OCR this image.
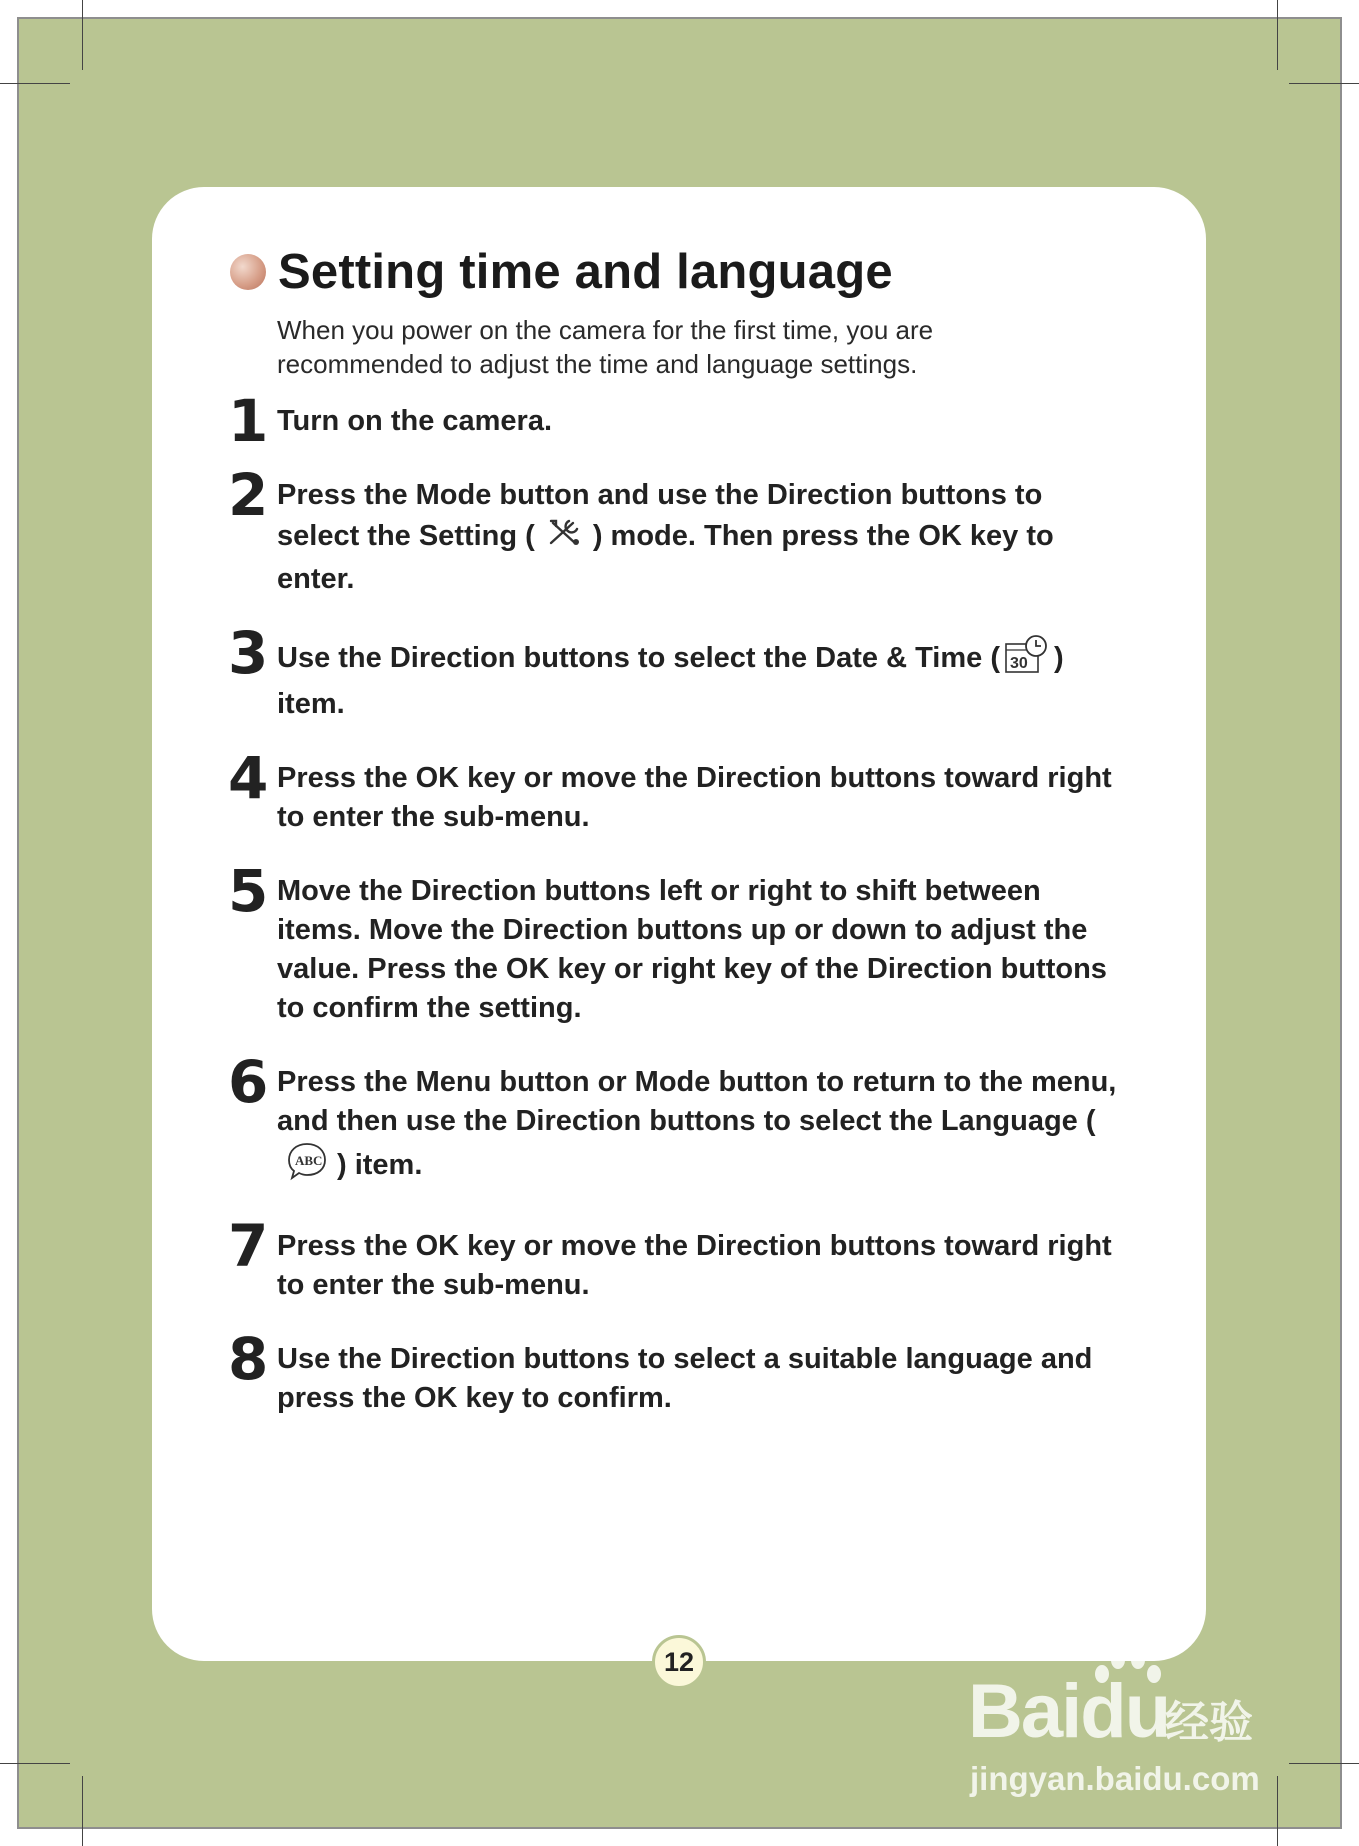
Setting time and language
When you power on the camera for the first time, you are recommended to adjust the time and language settings.
1 Turn on the camera.
2 Press the Mode button and use the Direction buttons to select the Setting ( ) mode. Then press the OK key to enter.
3 Use the Direction buttons to select the Date & Time ( 30 ) item.
4 Press the OK key or move the Direction buttons toward right to enter the sub-menu.
5 Move the Direction buttons left or right to shift between items. Move the Direction buttons up or down to adjust the value. Press the OK key or right key of the Direction buttons to confirm the setting.
6 Press the Menu button or Mode button to return to the menu, and then use the Direction buttons to select the Language (
ABC ) item.
7 Press the OK key or move the Direction buttons toward right to enter the sub-menu.
8 Use the Direction buttons to select a suitable language and press the OK key to confirm.
12
Baidu
经验
jingyan.baidu.com
